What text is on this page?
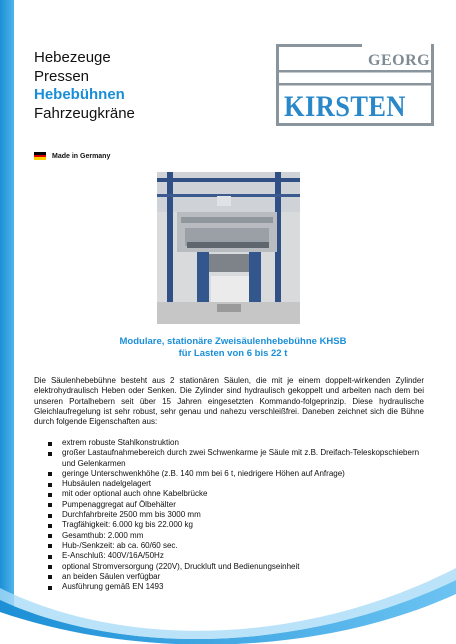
Hebezeuge
Pressen
Hebebühnen
Fahrzeugkräne
GEORG
KIRSTEN
Made in Germany
Modulare, stationäre Zweisäulenhebebühne KHSB
für Lasten von 6 bis 22 t
Die Säulenhebebühne besteht aus 2 stationären Säulen, die mit je einem doppelt-wirkenden Zylinder elektrohydraulisch Heben oder Senken. Die Zylinder sind hydraulisch gekoppelt und arbeiten nach dem bei unseren Portalhebern seit über 15 Jahren eingesetzten Kommando-folgeprinzip. Diese hydraulische Gleichlaufregelung ist sehr robust, sehr genau und nahezu verschleißfrei. Daneben zeichnet sich die Bühne durch folgende Eigenschaften aus:
extrem robuste Stahlkonstruktion
großer Lastaufnahmebereich durch zwei Schwenkarme je Säule mit z.B. Dreifach-Teleskopschiebern und Gelenkarmen
geringe Unterschwenkhöhe (z.B. 140 mm bei 6 t, niedrigere Höhen auf Anfrage)
Hubsäulen nadelgelagert
mit oder optional auch ohne Kabelbrücke
Pumpenaggregat auf Ölbehälter
Durchfahrbreite 2500 mm bis 3000 mm
Tragfähigkeit: 6.000 kg bis 22.000 kg
Gesamthub: 2.000 mm
Hub-/Senkzeit: ab ca. 60/60 sec.
E-Anschluß: 400V/16A/50Hz
optional Stromversorgung (220V), Druckluft und Bedienungseinheit
an beiden Säulen verfügbar
Ausführung gemäß EN 1493
